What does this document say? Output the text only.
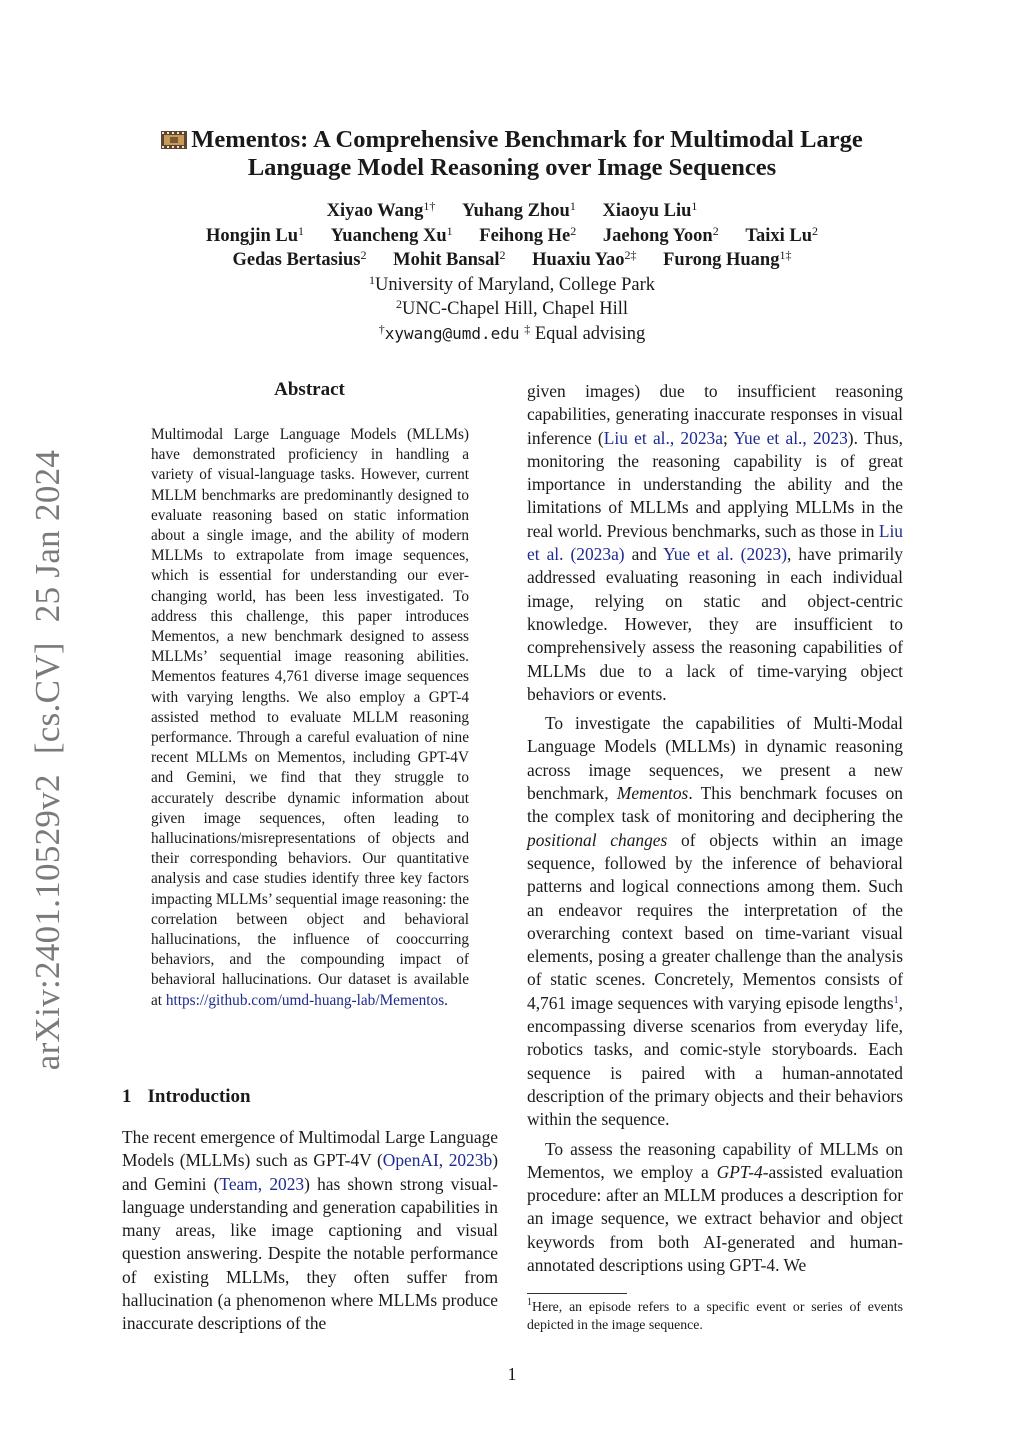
arXiv:2401.10529v2[cs.CV]25 Jan 2024
Mementos: A Comprehensive Benchmark for Multimodal Large
Language Model Reasoning over Image Sequences
Xiyao Wang$^{1\dagger}$ Yuhang Zhou$^1$ Xiaoyu Liu$^1$
Hongjin Lu$^1$ Yuancheng Xu$^1$ Feihong He$^2$ Jaehong Yoon$^2$ Taixi Lu$^2$
Gedas Bertasius$^2$ Mohit Bansal$^2$ Huaxiu Yao$^{2\ddagger}$ Furong Huang$^{1\ddagger}$
$^1$University of Maryland, College Park
$^2$UNC-Chapel Hill, Chapel Hill
†xywang@umd.edu ‡ Equal advising
Abstract

Multimodal Large Language Models (MLLMs) have demonstrated proficiency in handling a variety of visual-language tasks. However, current MLLM benchmarks are predominantly designed to evaluate reasoning based on static information about a single image, and the ability of modern MLLMs to extrapolate from image sequences, which is essential for understanding our ever-changing world, has been less investigated. To address this challenge, this paper introduces Mementos, a new benchmark designed to assess MLLMs’ sequential image reasoning abilities. Mementos features 4,761 diverse image sequences with varying lengths. We also employ a GPT-4 assisted method to evaluate MLLM reasoning performance. Through a careful evaluation of nine recent MLLMs on Mementos, including GPT-4V and Gemini, we find that they struggle to accurately describe dynamic information about given image sequences, often leading to hallucinations/misrepresentations of objects and their corresponding behaviors. Our quantitative analysis and case studies identify three key factors impacting MLLMs’ sequential image reasoning: the correlation between object and behavioral hallucinations, the influence of cooccurring behaviors, and the compounding impact of behavioral hallucinations. Our dataset is available at https://github.com/umd-huang-lab/Mementos.

1 Introduction

The recent emergence of Multimodal Large Language Models (MLLMs) such as GPT-4V (OpenAI, 2023b) and Gemini (Team, 2023) has shown strong visual-language understanding and generation capabilities in many areas, like image captioning and visual question answering. Despite the notable performance of existing MLLMs, they often suffer from hallucination (a phenomenon where MLLMs produce inaccurate descriptions of the

given images) due to insufficient reasoning capabilities, generating inaccurate responses in visual inference (Liu et al., 2023a; Yue et al., 2023). Thus, monitoring the reasoning capability is of great importance in understanding the ability and the limitations of MLLMs and applying MLLMs in the real world. Previous benchmarks, such as those in Liu et al. (2023a) and Yue et al. (2023), have primarily addressed evaluating reasoning in each individual image, relying on static and object-centric knowledge. However, they are insufficient to comprehensively assess the reasoning capabilities of MLLMs due to a lack of time-varying object behaviors or events.

To investigate the capabilities of Multi-Modal Language Models (MLLMs) in dynamic reasoning across image sequences, we present a new benchmark, Mementos. This benchmark focuses on the complex task of monitoring and deciphering the positional changes of objects within an image sequence, followed by the inference of behavioral patterns and logical connections among them. Such an endeavor requires the interpretation of the overarching context based on time-variant visual elements, posing a greater challenge than the analysis of static scenes. Concretely, Mementos consists of 4,761 image sequences with varying episode lengths$^1$, encompassing diverse scenarios from everyday life, robotics tasks, and comic-style storyboards. Each sequence is paired with a human-annotated description of the primary objects and their behaviors within the sequence.

To assess the reasoning capability of MLLMs on Mementos, we employ a GPT-4-assisted evaluation procedure: after an MLLM produces a description for an image sequence, we extract behavior and object keywords from both AI-generated and human-annotated descriptions using GPT-4. We

$^1$Here, an episode refers to a specific event or series of events depicted in the image sequence.
1
